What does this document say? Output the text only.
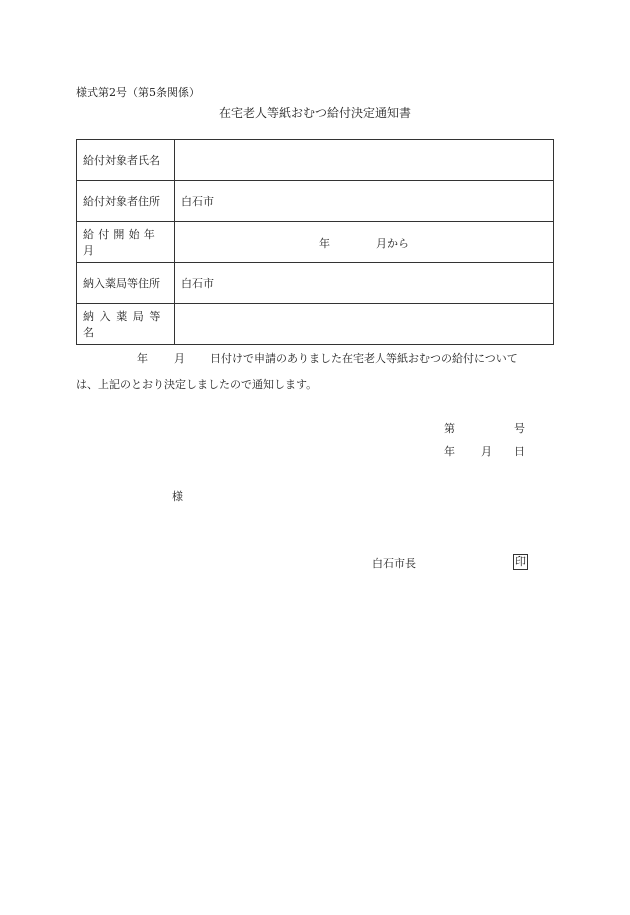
様式第2号（第5条関係）
在宅老人等紙おむつ給付決定通知書
給付対象者氏名	
給付対象者住所	白石市
給付開始年月	年 月から

納入薬局等住所	白石市
納入薬局等名	
年 月 日付けで申請のありました在宅老人等紙おむつの給付について
は、上記のとおり決定しましたので通知します。
第	号
年 月 日
様
白石市長	印
